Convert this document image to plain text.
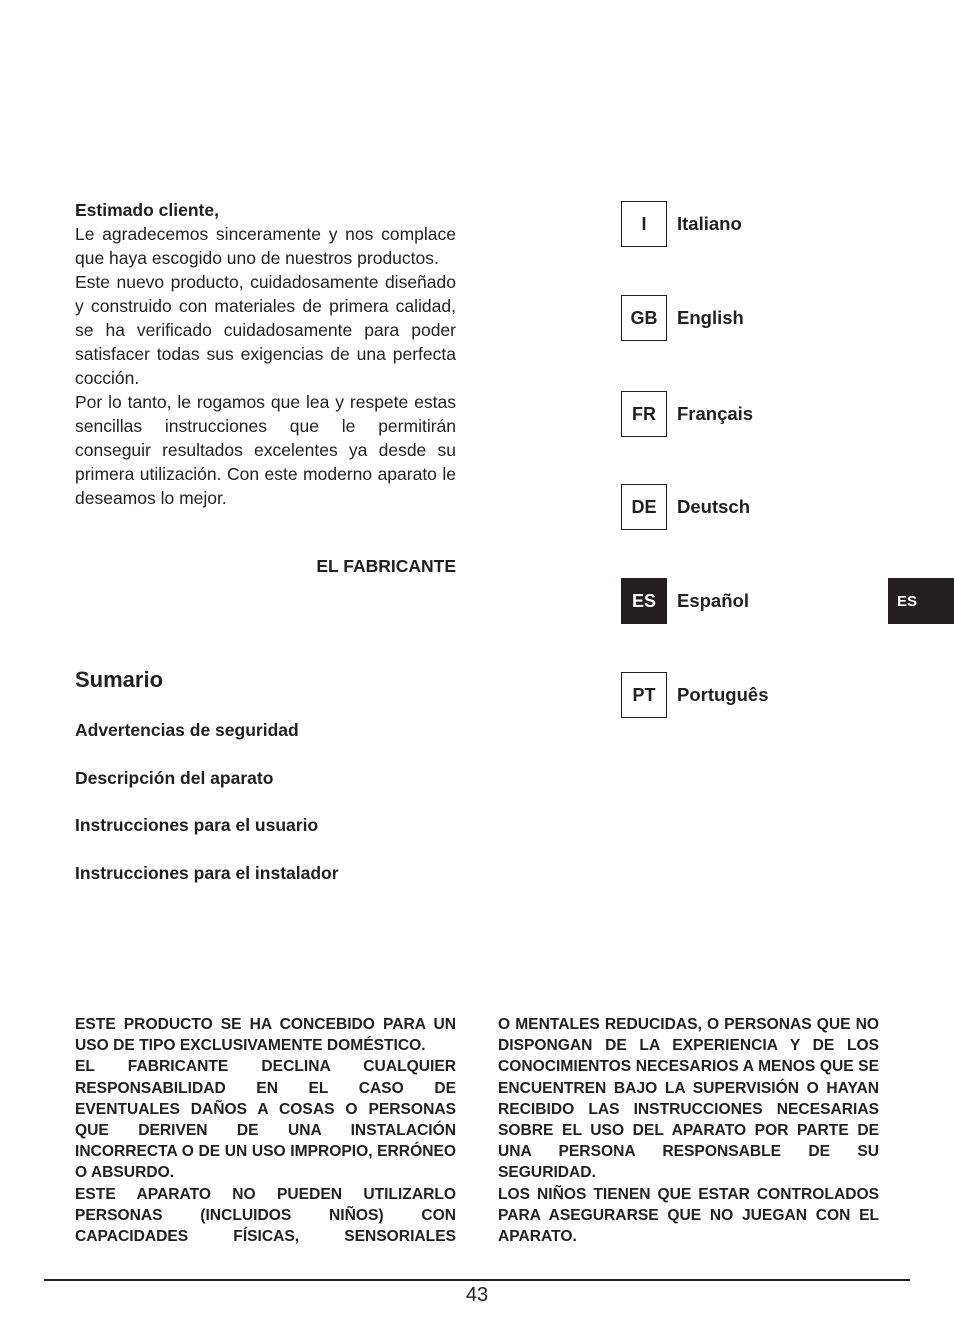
Estimado cliente,

Le agradecemos sinceramente y nos complace que haya escogido uno de nuestros productos.

Este nuevo producto, cuidadosamente diseñado y construido con materiales de primera calidad, se ha verificado cuidadosamente para poder satisfacer todas sus exigencias de una perfecta cocción.

Por lo tanto, le rogamos que lea y respete estas sencillas instrucciones que le permitirán conseguir resultados excelentes ya desde su primera utilización. Con este moderno aparato le deseamos lo mejor.

EL FABRICANTE
Sumario
Advertencias de seguridad
Descripción del aparato
Instrucciones para el usuario
Instrucciones para el instalador
I	Italiano
GB	English
FR	Français
DE	Deutsch
ES	Español
PT	Português
ES

ESTE PRODUCTO SE HA CONCEBIDO PARA UN USO DE TIPO EXCLUSIVAMENTE DOMÉSTICO.

EL FABRICANTE DECLINA CUALQUIER RESPONSABILIDAD EN EL CASO DE EVENTUALES DAÑOS A COSAS O PERSONAS QUE DERIVEN DE UNA INSTALACIÓN INCORRECTA O DE UN USO IMPROPIO, ERRÓNEO O ABSURDO.

ESTE APARATO NO PUEDEN UTILIZARLO PERSONAS (INCLUIDOS NIÑOS) CON CAPACIDADES FÍSICAS, SENSORIALES

O MENTALES REDUCIDAS, O PERSONAS QUE NO DISPONGAN DE LA EXPERIENCIA Y DE LOS CONOCIMIENTOS NECESARIOS A MENOS QUE SE ENCUENTREN BAJO LA SUPERVISIÓN O HAYAN RECIBIDO LAS INSTRUCCIONES NECESARIAS SOBRE EL USO DEL APARATO POR PARTE DE UNA PERSONA RESPONSABLE DE SU SEGURIDAD.

LOS NIÑOS TIENEN QUE ESTAR CONTROLADOS PARA ASEGURARSE QUE NO JUEGAN CON EL APARATO.

43
